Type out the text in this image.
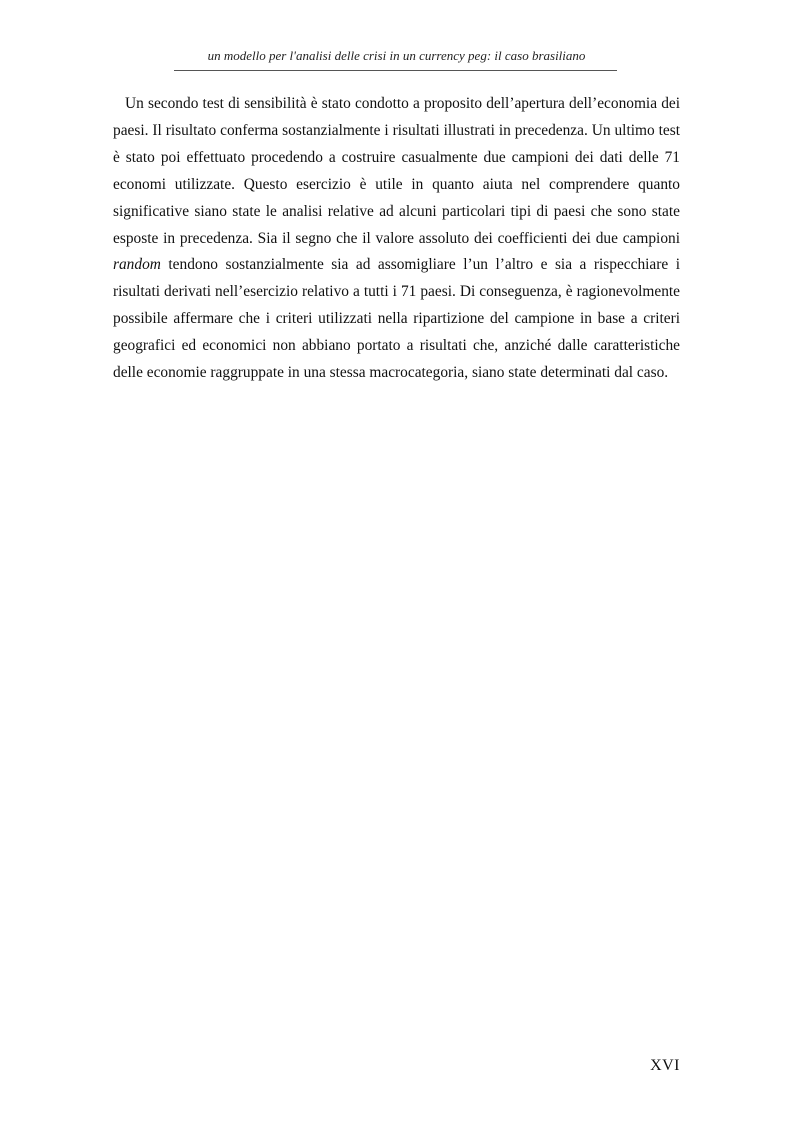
un modello per l'analisi delle crisi in un currency peg: il caso brasiliano

Un secondo test di sensibilità è stato condotto a proposito dell’apertura dell’economia dei paesi. Il risultato conferma sostanzialmente i risultati illustrati in precedenza. Un ultimo test è stato poi effettuato procedendo a costruire casualmente due campioni dei dati delle 71 economi utilizzate. Questo esercizio è utile in quanto aiuta nel comprendere quanto significative siano state le analisi relative ad alcuni particolari tipi di paesi che sono state esposte in precedenza. Sia il segno che il valore assoluto dei coefficienti dei due campioni random tendono sostanzialmente sia ad assomigliare l’un l’altro e sia a rispecchiare i risultati derivati nell’esercizio relativo a tutti i 71 paesi. Di conseguenza, è ragionevolmente possibile affermare che i criteri utilizzati nella ripartizione del campione in base a criteri geografici ed economici non abbiano portato a risultati che, anziché dalle caratteristiche delle economie raggruppate in una stessa macrocategoria, siano state determinati dal caso.

XVI
